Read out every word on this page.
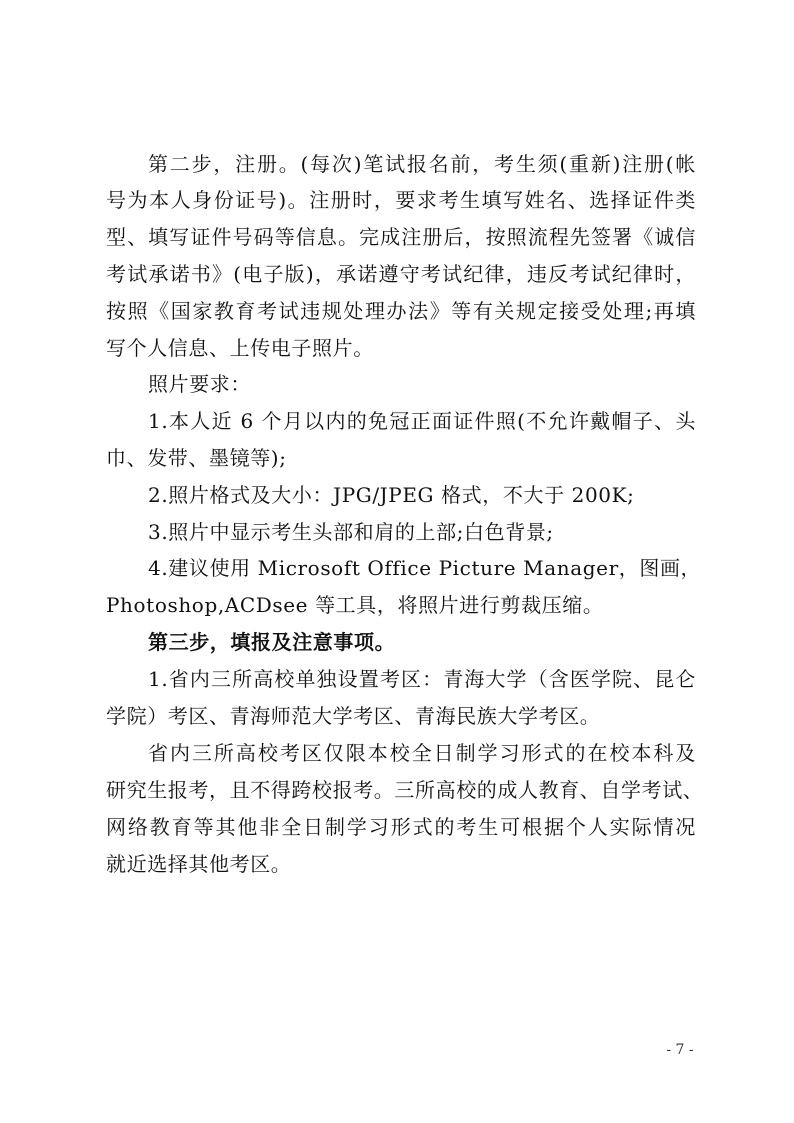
第二步，注册。(每次)笔试报名前，考生须(重新)注册(帐
号为本人身份证号)。注册时，要求考生填写姓名、选择证件类
型、填写证件号码等信息。完成注册后，按照流程先签署《诚信
考试承诺书》(电子版)，承诺遵守考试纪律，违反考试纪律时，
按照《国家教育考试违规处理办法》等有关规定接受处理;再填
写个人信息、上传电子照片。
照片要求：
1.本人近 6 个月以内的免冠正面证件照(不允许戴帽子、头
巾、发带、墨镜等);
2.照片格式及大小：JPG/JPEG 格式，不大于 200K;
3.照片中显示考生头部和肩的上部;白色背景;
4.建议使用 Microsoft Office Picture Manager，图画，
Photoshop,ACDsee 等工具，将照片进行剪裁压缩。
第三步，填报及注意事项。
1.省内三所高校单独设置考区：青海大学（含医学院、昆仑
学院）考区、青海师范大学考区、青海民族大学考区。
省内三所高校考区仅限本校全日制学习形式的在校本科及
研究生报考，且不得跨校报考。三所高校的成人教育、自学考试、
网络教育等其他非全日制学习形式的考生可根据个人实际情况
就近选择其他考区。
- 7 -
